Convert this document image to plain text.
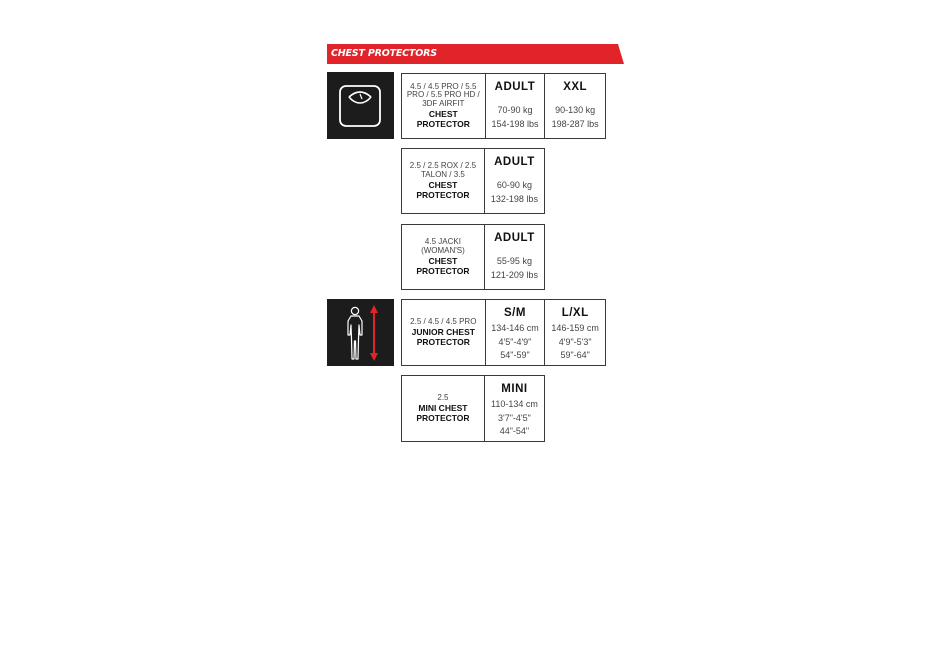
CHEST PROTECTORS
4.5 / 4.5 PRO / 5.5 PRO / 5.5 PRO HD / 3DF AIRFIT
CHEST PROTECTOR
ADULT
70-90 kg
154-198 lbs
XXL
90-130 kg
198-287 lbs
2.5 / 2.5 ROX / 2.5 TALON / 3.5
CHEST PROTECTOR
ADULT
60-90 kg
132-198 lbs
4.5 JACKI (WOMAN'S)
CHEST PROTECTOR
ADULT
55-95 kg
121-209 lbs
2.5 / 4.5 / 4.5 PRO
JUNIOR CHEST PROTECTOR
S/M
134-146 cm
4'5"-4'9"
54"-59"
L/XL
146-159 cm
4'9"-5'3"
59"-64"
2.5
MINI CHEST PROTECTOR
MINI
110-134 cm
3'7"-4'5"
44"-54"
